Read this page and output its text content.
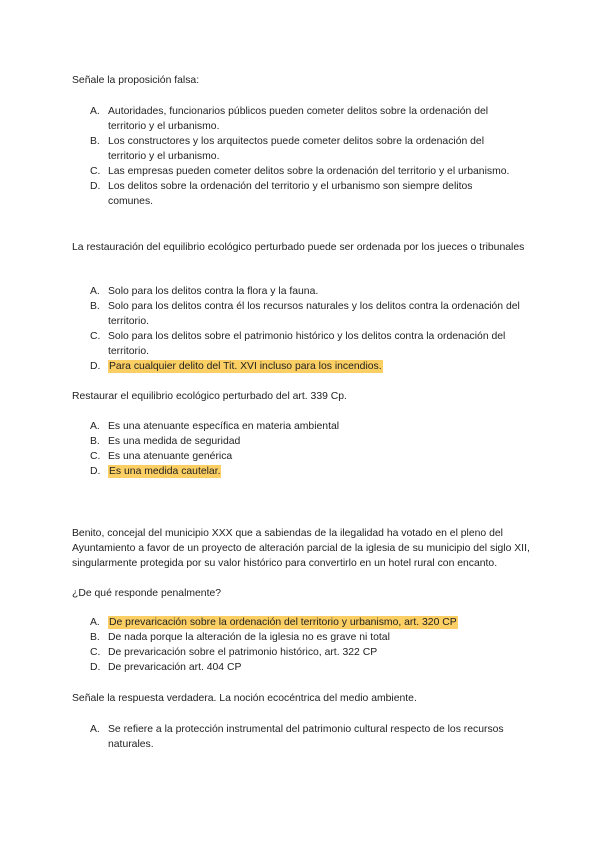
Señale la proposición falsa:

A. Autoridades, funcionarios públicos pueden cometer delitos sobre la ordenación del territorio y el urbanismo.
B. Los constructores y los arquitectos puede cometer delitos sobre la ordenación del territorio y el urbanismo.
C. Las empresas pueden cometer delitos sobre la ordenación del territorio y el urbanismo.
D. Los delitos sobre la ordenación del territorio y el urbanismo son siempre delitos comunes.

La restauración del equilibrio ecológico perturbado puede ser ordenada por los jueces o tribunales

A. Solo para los delitos contra la flora y la fauna.
B. Solo para los delitos contra él los recursos naturales y los delitos contra la ordenación del territorio.
C. Solo para los delitos sobre el patrimonio histórico y los delitos contra la ordenación del territorio.
D. Para cualquier delito del Tit. XVI incluso para los incendios.

Restaurar el equilibrio ecológico perturbado del art. 339 Cp.

A. Es una atenuante específica en materia ambiental
B. Es una medida de seguridad
C. Es una atenuante genérica
D. Es una medida cautelar.

Benito, concejal del municipio XXX que a sabiendas de la ilegalidad ha votado en el pleno del Ayuntamiento a favor de un proyecto de alteración parcial de la iglesia de su municipio del siglo XII, singularmente protegida por su valor histórico para convertirlo en un hotel rural con encanto.

¿De qué responde penalmente?

A. De prevaricación sobre la ordenación del territorio y urbanismo, art. 320 CP
B. De nada porque la alteración de la iglesia no es grave ni total
C. De prevaricación sobre el patrimonio histórico, art. 322 CP
D. De prevaricación art. 404 CP

Señale la respuesta verdadera. La noción ecocéntrica del medio ambiente.

A. Se refiere a la protección instrumental del patrimonio cultural respecto de los recursos naturales.
